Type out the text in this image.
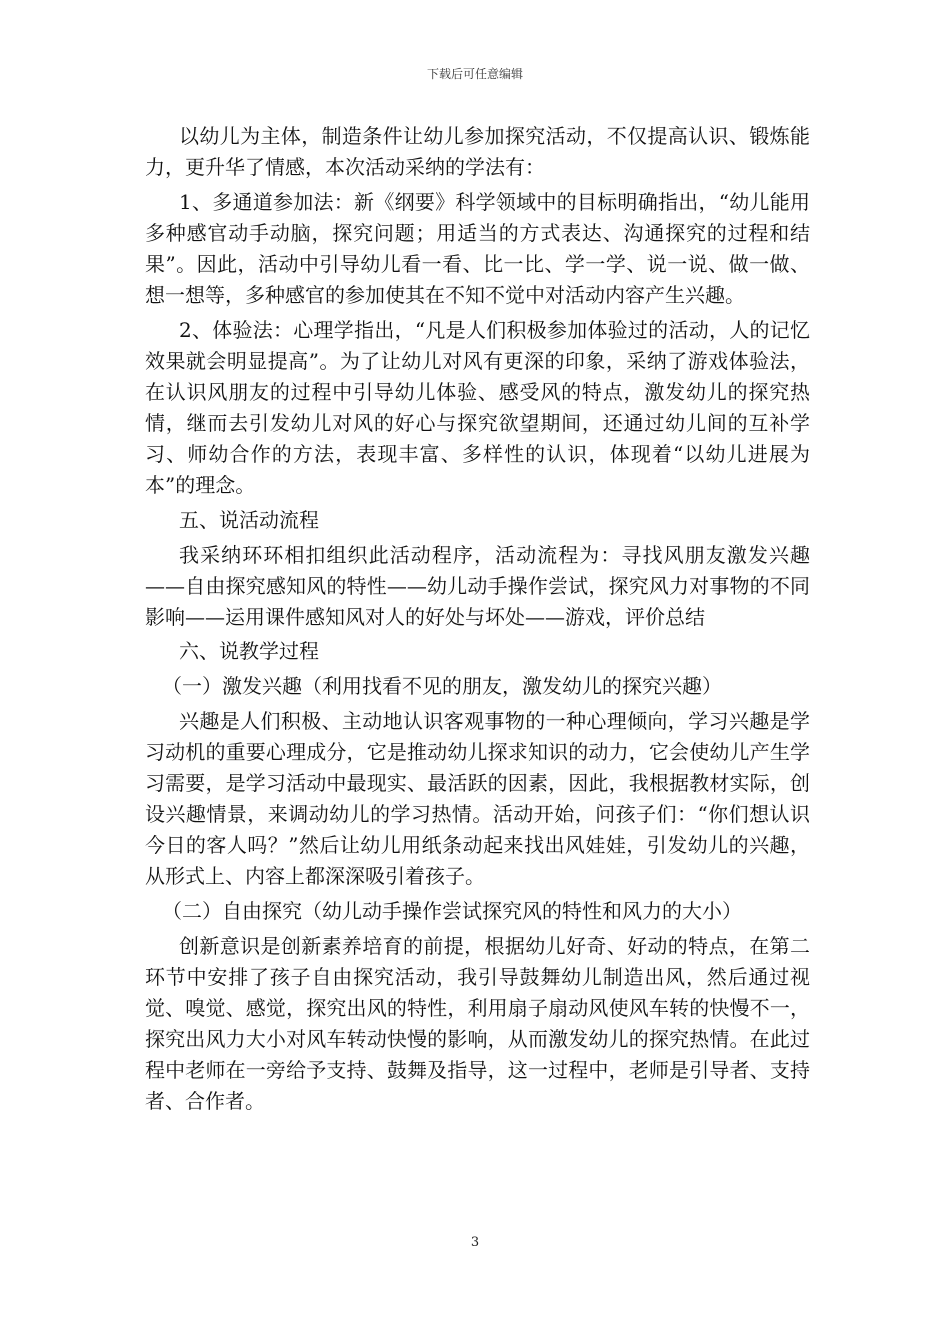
下载后可任意编辑

以幼儿为主体，制造条件让幼儿参加探究活动，不仅提高认识、锻炼能力，更升华了情感，本次活动采纳的学法有：

1、多通道参加法：新《纲要》科学领域中的目标明确指出，“幼儿能用多种感官动手动脑，探究问题；用适当的方式表达、沟通探究的过程和结果”。因此，活动中引导幼儿看一看、比一比、学一学、说一说、做一做、想一想等，多种感官的参加使其在不知不觉中对活动内容产生兴趣。

2、体验法：心理学指出，“凡是人们积极参加体验过的活动，人的记忆效果就会明显提高”。为了让幼儿对风有更深的印象，采纳了游戏体验法，在认识风朋友的过程中引导幼儿体验、感受风的特点，激发幼儿的探究热情，继而去引发幼儿对风的好心与探究欲望期间，还通过幼儿间的互补学习、师幼合作的方法，表现丰富、多样性的认识，体现着“以幼儿进展为本”的理念。

五、说活动流程

我采纳环环相扣组织此活动程序，活动流程为：寻找风朋友激发兴趣——自由探究感知风的特性——幼儿动手操作尝试，探究风力对事物的不同影响——运用课件感知风对人的好处与坏处——游戏，评价总结

六、说教学过程

（一）激发兴趣（利用找看不见的朋友，激发幼儿的探究兴趣）

兴趣是人们积极、主动地认识客观事物的一种心理倾向，学习兴趣是学习动机的重要心理成分，它是推动幼儿探求知识的动力，它会使幼儿产生学习需要，是学习活动中最现实、最活跃的因素，因此，我根据教材实际，创设兴趣情景，来调动幼儿的学习热情。活动开始，问孩子们：“你们想认识今日的客人吗？”然后让幼儿用纸条动起来找出风娃娃，引发幼儿的兴趣，从形式上、内容上都深深吸引着孩子。

（二）自由探究（幼儿动手操作尝试探究风的特性和风力的大小）

创新意识是创新素养培育的前提，根据幼儿好奇、好动的特点，在第二环节中安排了孩子自由探究活动，我引导鼓舞幼儿制造出风，然后通过视觉、嗅觉、感觉，探究出风的特性，利用扇子扇动风使风车转的快慢不一，探究出风力大小对风车转动快慢的影响，从而激发幼儿的探究热情。在此过程中老师在一旁给予支持、鼓舞及指导，这一过程中，老师是引导者、支持者、合作者。

3
